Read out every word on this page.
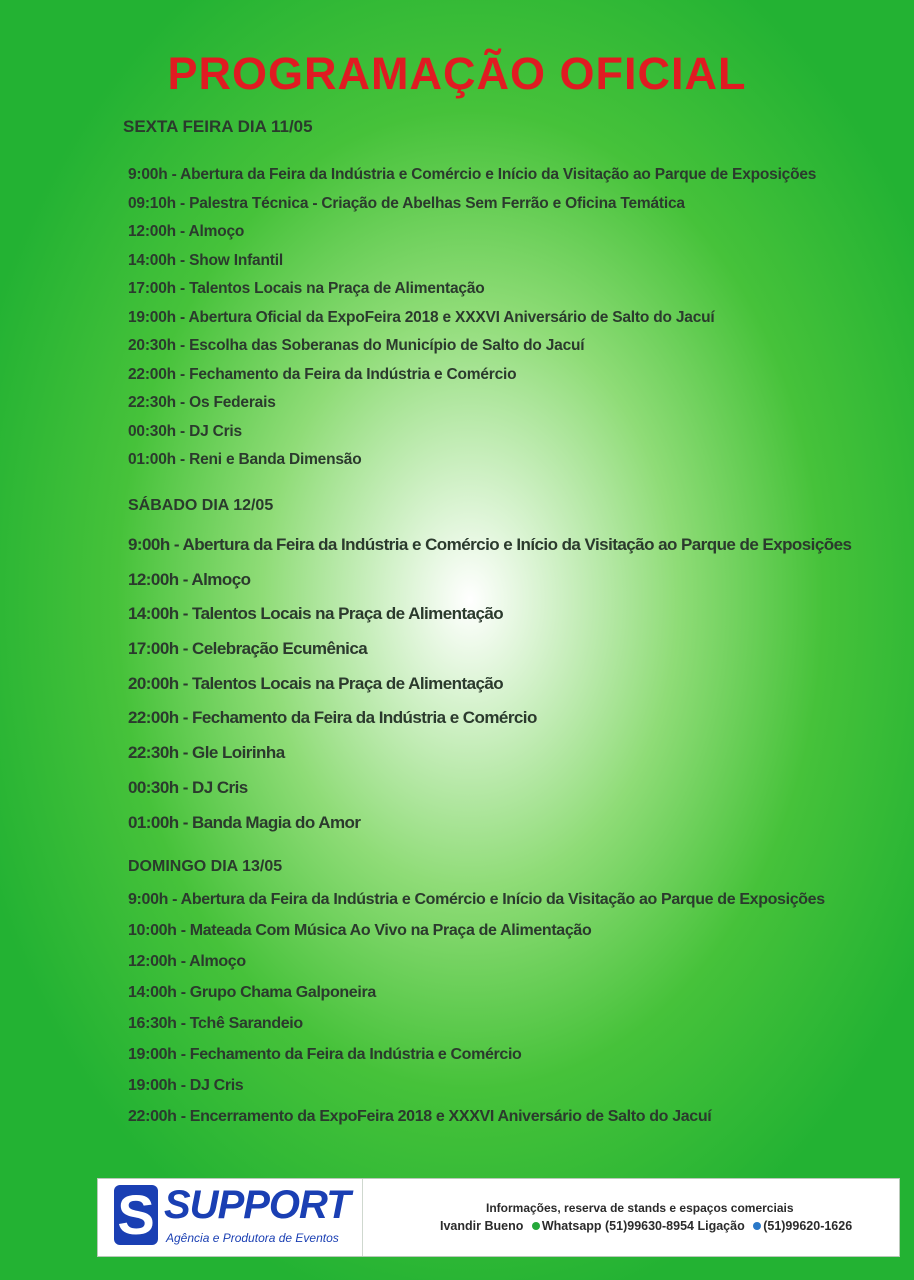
PROGRAMAÇÃO OFICIAL
SEXTA FEIRA DIA 11/05
9:00h - Abertura da Feira da Indústria e Comércio e Início da Visitação ao Parque de Exposições
09:10h - Palestra Técnica - Criação de Abelhas Sem Ferrão e Oficina Temática
12:00h - Almoço
14:00h - Show Infantil
17:00h - Talentos Locais na Praça de Alimentação
19:00h - Abertura Oficial da ExpoFeira 2018 e XXXVI Aniversário de Salto do Jacuí
20:30h - Escolha das Soberanas do Município de Salto do Jacuí
22:00h - Fechamento da Feira da Indústria e Comércio
22:30h - Os Federais
00:30h - DJ Cris
01:00h - Reni e Banda Dimensão
SÁBADO DIA 12/05
9:00h - Abertura da Feira da Indústria e Comércio e Início da Visitação ao Parque de Exposições
12:00h - Almoço
14:00h - Talentos Locais na Praça de Alimentação
17:00h - Celebração Ecumênica
20:00h - Talentos Locais na Praça de Alimentação
22:00h - Fechamento da Feira da Indústria e Comércio
22:30h - Gle Loirinha
00:30h - DJ Cris
01:00h - Banda Magia do Amor
DOMINGO DIA 13/05
9:00h - Abertura da Feira da Indústria e Comércio e Início da Visitação ao Parque de Exposições
10:00h - Mateada Com Música Ao Vivo na Praça de Alimentação
12:00h - Almoço
14:00h - Grupo Chama Galponeira
16:30h - Tchê Sarandeio
19:00h - Fechamento da Feira da Indústria e Comércio
19:00h - DJ Cris
22:00h - Encerramento da ExpoFeira 2018 e XXXVI Aniversário de Salto do Jacuí
S SUPPORT
Agência e Produtora de Eventos
Informações, reserva de stands e espaços comerciais
Ivandir Bueno Whatsapp (51)99630-8954 Ligação (51)99620-1626
